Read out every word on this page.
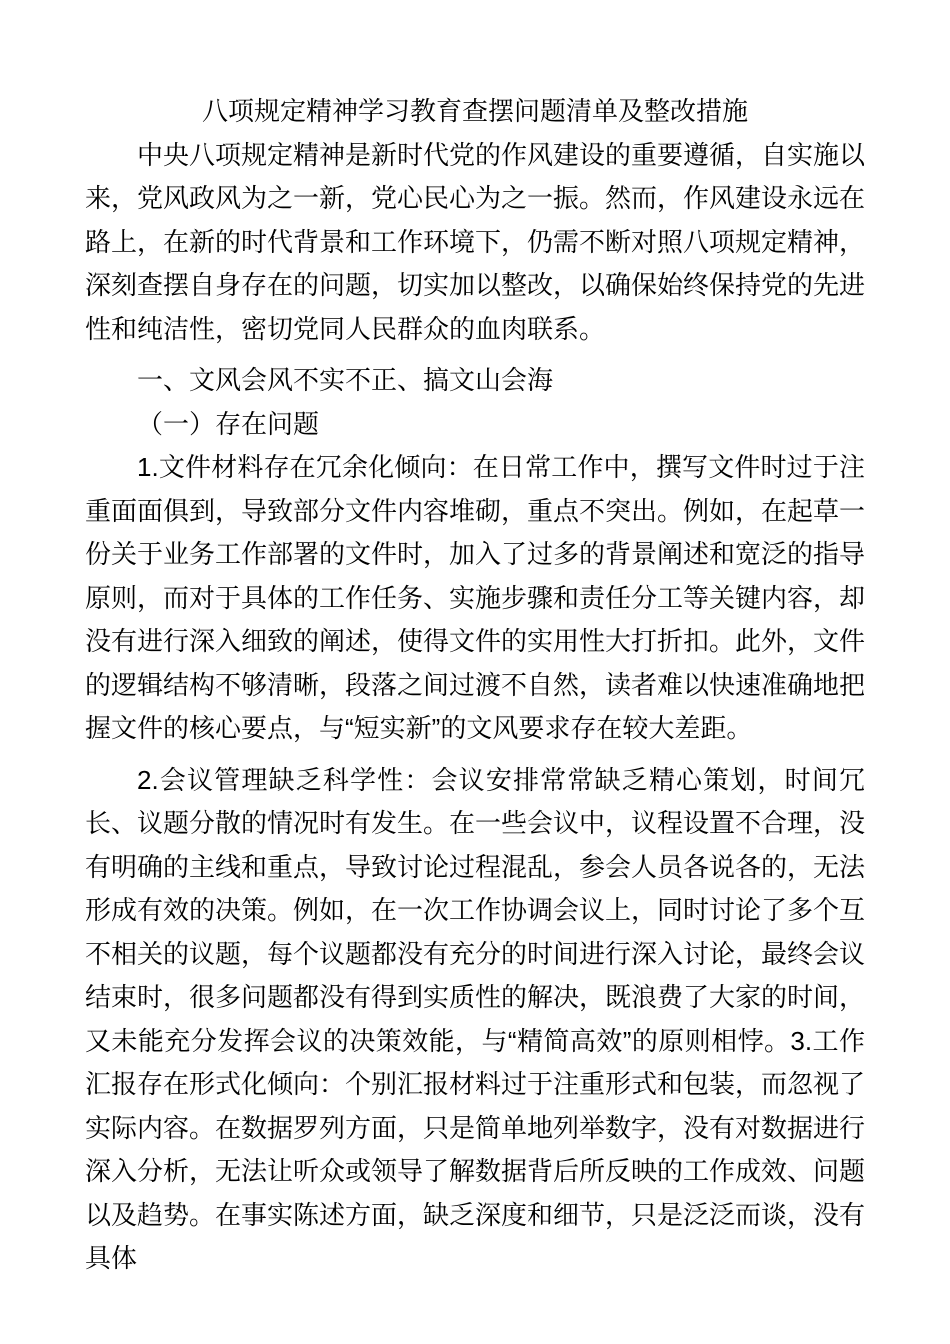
八项规定精神学习教育查摆问题清单及整改措施

中央八项规定精神是新时代党的作风建设的重要遵循，自实施以来，党风政风为之一新，党心民心为之一振。然而，作风建设永远在路上，在新的时代背景和工作环境下，仍需不断对照八项规定精神，深刻查摆自身存在的问题，切实加以整改，以确保始终保持党的先进性和纯洁性，密切党同人民群众的血肉联系。

一、文风会风不实不正、搞文山会海

（一）存在问题

1.文件材料存在冗余化倾向：在日常工作中，撰写文件时过于注重面面俱到，导致部分文件内容堆砌，重点不突出。例如，在起草一份关于业务工作部署的文件时，加入了过多的背景阐述和宽泛的指导原则，而对于具体的工作任务、实施步骤和责任分工等关键内容，却没有进行深入细致的阐述，使得文件的实用性大打折扣。此外，文件的逻辑结构不够清晰，段落之间过渡不自然，读者难以快速准确地把握文件的核心要点，与“短实新”的文风要求存在较大差距。

2.会议管理缺乏科学性：会议安排常常缺乏精心策划，时间冗长、议题分散的情况时有发生。在一些会议中，议程设置不合理，没有明确的主线和重点，导致讨论过程混乱，参会人员各说各的，无法形成有效的决策。例如，在一次工作协调会议上，同时讨论了多个互不相关的议题，每个议题都没有充分的时间进行深入讨论，最终会议结束时，很多问题都没有得到实质性的解决，既浪费了大家的时间，又未能充分发挥会议的决策效能，与“精简高效”的原则相悖。3.工作汇报存在形式化倾向：个别汇报材料过于注重形式和包装，而忽视了实际内容。在数据罗列方面，只是简单地列举数字，没有对数据进行深入分析，无法让听众或领导了解数据背后所反映的工作成效、问题以及趋势。在事实陈述方面，缺乏深度和细节，只是泛泛而谈，没有具体
